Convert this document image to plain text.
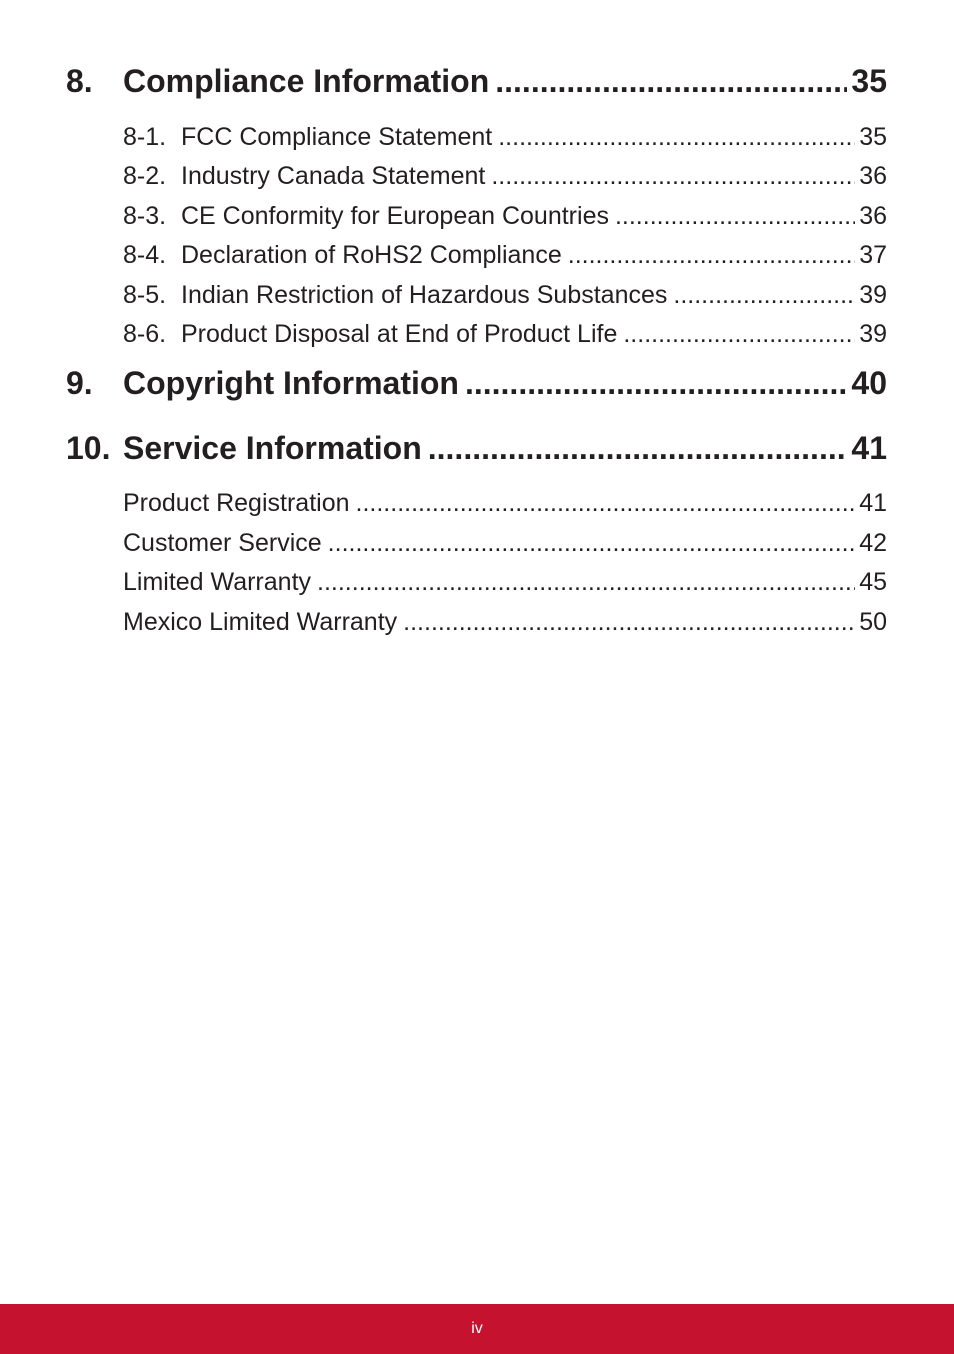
8. Compliance Information .....	35
8-1. FCC Compliance Statement .....	35
8-2. Industry Canada Statement .....	36
8-3. CE Conformity for European Countries .....	36
8-4. Declaration of RoHS2 Compliance .....	37
8-5. Indian Restriction of Hazardous Substances .....	39
8-6. Product Disposal at End of Product Life .....	39
9. Copyright Information .....	40
10. Service Information .....	41
Product Registration .....	41
Customer Service .....	42
Limited Warranty .....	45
Mexico Limited Warranty .....	50
iv
